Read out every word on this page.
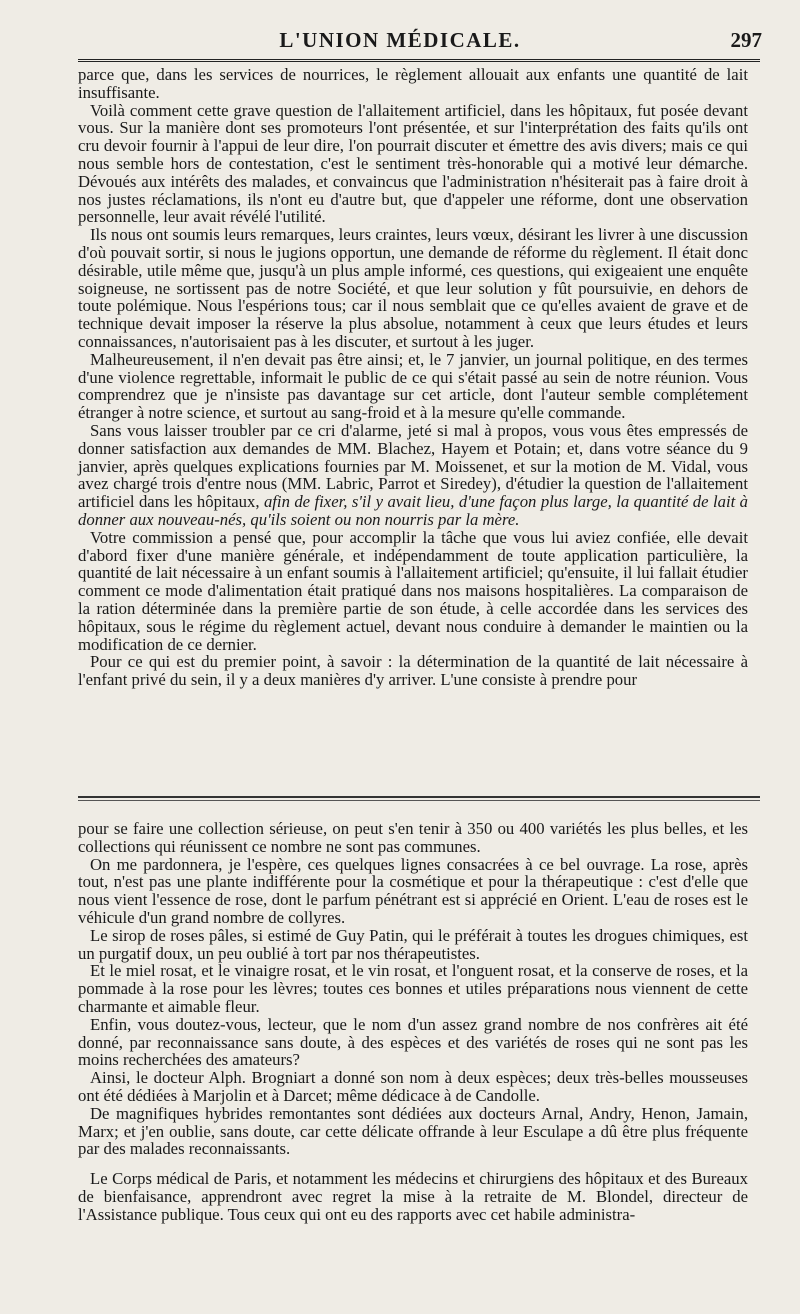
L'UNION MÉDICALE.	297

parce que, dans les services de nourrices, le règlement allouait aux enfants une quantité de lait insuffisante.

Voilà comment cette grave question de l'allaitement artificiel, dans les hôpitaux, fut posée devant vous. Sur la manière dont ses promoteurs l'ont présentée, et sur l'interprétation des faits qu'ils ont cru devoir fournir à l'appui de leur dire, l'on pourrait discuter et émettre des avis divers; mais ce qui nous semble hors de contestation, c'est le sentiment très-honorable qui a motivé leur démarche. Dévoués aux intérêts des malades, et convaincus que l'administration n'hésiterait pas à faire droit à nos justes réclamations, ils n'ont eu d'autre but, que d'appeler une réforme, dont une observation personnelle, leur avait révélé l'utilité.

Ils nous ont soumis leurs remarques, leurs craintes, leurs vœux, désirant les livrer à une discussion d'où pouvait sortir, si nous le jugions opportun, une demande de réforme du règlement. Il était donc désirable, utile même que, jusqu'à un plus ample informé, ces questions, qui exigeaient une enquête soigneuse, ne sortissent pas de notre Société, et que leur solution y fût poursuivie, en dehors de toute polémique. Nous l'espérions tous; car il nous semblait que ce qu'elles avaient de grave et de technique devait imposer la réserve la plus absolue, notamment à ceux que leurs études et leurs connaissances, n'autorisaient pas à les discuter, et surtout à les juger.

Malheureusement, il n'en devait pas être ainsi; et, le 7 janvier, un journal politique, en des termes d'une violence regrettable, informait le public de ce qui s'était passé au sein de notre réunion. Vous comprendrez que je n'insiste pas davantage sur cet article, dont l'auteur semble complétement étranger à notre science, et surtout au sang-froid et à la mesure qu'elle commande.

Sans vous laisser troubler par ce cri d'alarme, jeté si mal à propos, vous vous êtes empressés de donner satisfaction aux demandes de MM. Blachez, Hayem et Potain; et, dans votre séance du 9 janvier, après quelques explications fournies par M. Moissenet, et sur la motion de M. Vidal, vous avez chargé trois d'entre nous (MM. Labric, Parrot et Siredey), d'étudier la question de l'allaitement artificiel dans les hôpitaux, afin de fixer, s'il y avait lieu, d'une façon plus large, la quantité de lait à donner aux nouveau-nés, qu'ils soient ou non nourris par la mère.

Votre commission a pensé que, pour accomplir la tâche que vous lui aviez confiée, elle devait d'abord fixer d'une manière générale, et indépendamment de toute application particulière, la quantité de lait nécessaire à un enfant soumis à l'allaitement artificiel; qu'ensuite, il lui fallait étudier comment ce mode d'alimentation était pratiqué dans nos maisons hospitalières. La comparaison de la ration déterminée dans la première partie de son étude, à celle accordée dans les services des hôpitaux, sous le régime du règlement actuel, devant nous conduire à demander le maintien ou la modification de ce dernier.

Pour ce qui est du premier point, à savoir : la détermination de la quantité de lait nécessaire à l'enfant privé du sein, il y a deux manières d'y arriver. L'une consiste à prendre pour

pour se faire une collection sérieuse, on peut s'en tenir à 350 ou 400 variétés les plus belles, et les collections qui réunissent ce nombre ne sont pas communes.

On me pardonnera, je l'espère, ces quelques lignes consacrées à ce bel ouvrage. La rose, après tout, n'est pas une plante indifférente pour la cosmétique et pour la thérapeutique : c'est d'elle que nous vient l'essence de rose, dont le parfum pénétrant est si apprécié en Orient. L'eau de roses est le véhicule d'un grand nombre de collyres.

Le sirop de roses pâles, si estimé de Guy Patin, qui le préférait à toutes les drogues chimiques, est un purgatif doux, un peu oublié à tort par nos thérapeutistes.

Et le miel rosat, et le vinaigre rosat, et le vin rosat, et l'onguent rosat, et la conserve de roses, et la pommade à la rose pour les lèvres; toutes ces bonnes et utiles préparations nous viennent de cette charmante et aimable fleur.

Enfin, vous doutez-vous, lecteur, que le nom d'un assez grand nombre de nos confrères ait été donné, par reconnaissance sans doute, à des espèces et des variétés de roses qui ne sont pas les moins recherchées des amateurs?

Ainsi, le docteur Alph. Brogniart a donné son nom à deux espèces; deux très-belles mousseuses ont été dédiées à Marjolin et à Darcet; même dédicace à de Candolle.

De magnifiques hybrides remontantes sont dédiées aux docteurs Arnal, Andry, Henon, Jamain, Marx; et j'en oublie, sans doute, car cette délicate offrande à leur Esculape a dû être plus fréquente par des malades reconnaissants.

Le Corps médical de Paris, et notamment les médecins et chirurgiens des hôpitaux et des Bureaux de bienfaisance, apprendront avec regret la mise à la retraite de M. Blondel, directeur de l'Assistance publique. Tous ceux qui ont eu des rapports avec cet habile administra-
